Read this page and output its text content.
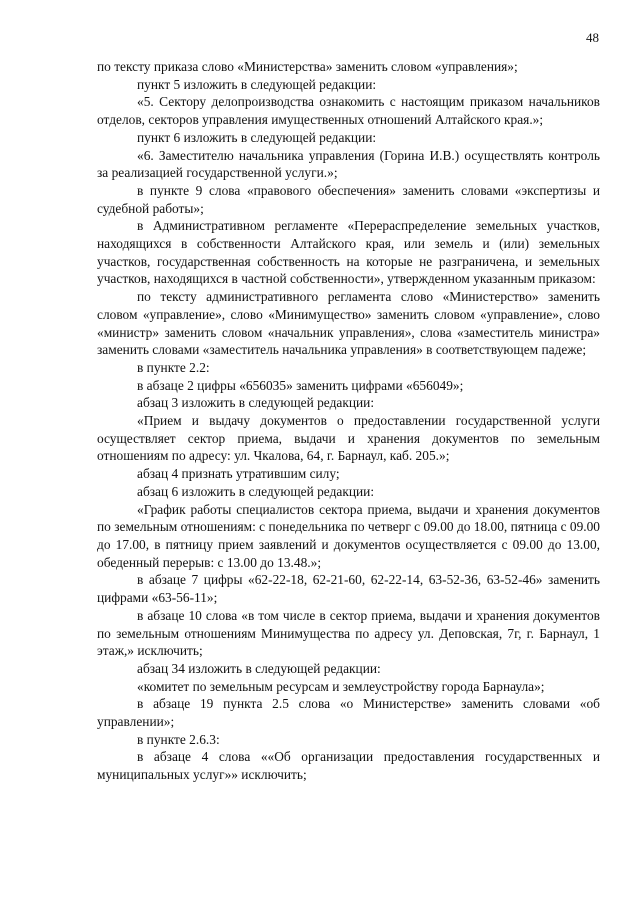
48

по тексту приказа слово «Министерства» заменить словом «управления»;

пункт 5 изложить в следующей редакции:

«5. Сектору делопроизводства ознакомить с настоящим приказом начальников отделов, секторов управления имущественных отношений Алтайского края.»;

пункт 6 изложить в следующей редакции:

«6. Заместителю начальника управления (Горина И.В.) осуществлять контроль за реализацией государственной услуги.»;

в пункте 9 слова «правового обеспечения» заменить словами «экспертизы и судебной работы»;

в Административном регламенте «Перераспределение земельных участков, находящихся в собственности Алтайского края, или земель и (или) земельных участков, государственная собственность на которые не разграничена, и земельных участков, находящихся в частной собственности», утвержденном указанным приказом:

по тексту административного регламента слово «Министерство» заменить словом «управление», слово «Минимущество» заменить словом «управление», слово «министр» заменить словом «начальник управления», слова «заместитель министра» заменить словами «заместитель начальника управления» в соответствующем падеже;

в пункте 2.2:

в абзаце 2 цифры «656035» заменить цифрами «656049»;

абзац 3 изложить в следующей редакции:

«Прием и выдачу документов о предоставлении государственной услуги осуществляет сектор приема, выдачи и хранения документов по земельным отношениям по адресу: ул. Чкалова, 64, г. Барнаул, каб. 205.»;

абзац 4 признать утратившим силу;

абзац 6 изложить в следующей редакции:

«График работы специалистов сектора приема, выдачи и хранения документов по земельным отношениям: с понедельника по четверг с 09.00 до 18.00, пятница с 09.00 до 17.00, в пятницу прием заявлений и документов осуществляется с 09.00 до 13.00, обеденный перерыв: с 13.00 до 13.48.»;

в абзаце 7 цифры «62-22-18, 62-21-60, 62-22-14, 63-52-36, 63-52-46» заменить цифрами «63-56-11»;

в абзаце 10 слова «в том числе в сектор приема, выдачи и хранения документов по земельным отношениям Минимущества по адресу ул. Деповская, 7г, г. Барнаул, 1 этаж,» исключить;

абзац 34 изложить в следующей редакции:

«комитет по земельным ресурсам и землеустройству города Барнаула»;

в абзаце 19 пункта 2.5 слова «о Министерстве» заменить словами «об управлении»;

в пункте 2.6.3:

в абзаце 4 слова ««Об организации предоставления государственных и муниципальных услуг»» исключить;
